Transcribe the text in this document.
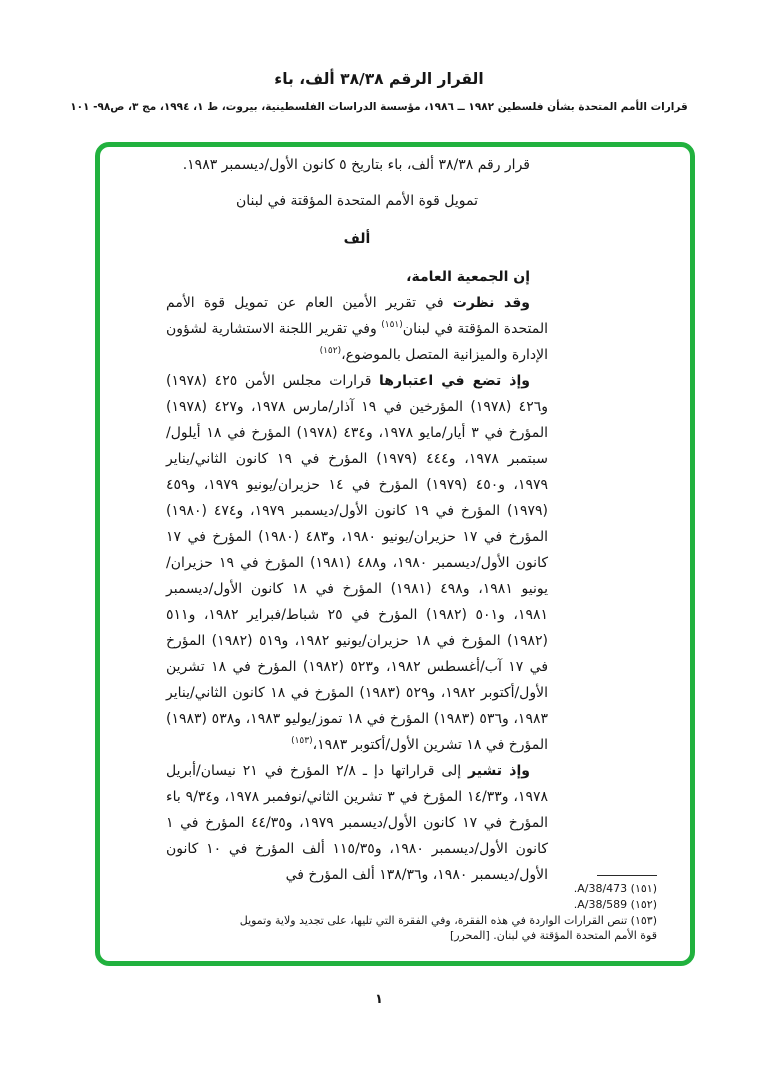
القرار الرقم ٣٨/٣٨ ألف، باء
قرارات الأمم المتحدة بشأن فلسطين ١٩٨٢ ــ ١٩٨٦، مؤسسة الدراسات الفلسطينية، بيروت، ط ١، ١٩٩٤، مج ٣، ص٩٨- ١٠١

قرار رقم ٣٨/٣٨ ألف، باء بتاريخ ٥ كانون الأول/ديسمبر ١٩٨٣.

تمويل قوة الأمم المتحدة المؤقتة في لبنان

ألف

إن الجمعية العامة،

وقد نظرت في تقرير الأمين العام عن تمويل قوة الأمم المتحدة المؤقتة في لبنان$^{(١٥١)}$ وفي تقرير اللجنة الاستشارية لشؤون الإدارة والميزانية المتصل بالموضوع،$^{(١٥٢)}$

وإذ تضع في اعتبارها قرارات مجلس الأمن ٤٢٥ (١٩٧٨) و٤٢٦ (١٩٧٨) المؤرخين في ١٩ آذار/مارس ١٩٧٨، و٤٢٧ (١٩٧٨) المؤرخ في ٣ أيار/مايو ١٩٧٨، و٤٣٤ (١٩٧٨) المؤرخ في ١٨ أيلول/سبتمبر ١٩٧٨، و٤٤٤ (١٩٧٩) المؤرخ في ١٩ كانون الثاني/يناير ١٩٧٩، و٤٥٠ (١٩٧٩) المؤرخ في ١٤ حزيران/يونيو ١٩٧٩، و٤٥٩ (١٩٧٩) المؤرخ في ١٩ كانون الأول/ديسمبر ١٩٧٩، و٤٧٤ (١٩٨٠) المؤرخ في ١٧ حزيران/يونيو ١٩٨٠، و٤٨٣ (١٩٨٠) المؤرخ في ١٧ كانون الأول/ديسمبر ١٩٨٠، و٤٨٨ (١٩٨١) المؤرخ في ١٩ حزيران/يونيو ١٩٨١، و٤٩٨ (١٩٨١) المؤرخ في ١٨ كانون الأول/ديسمبر ١٩٨١، و٥٠١ (١٩٨٢) المؤرخ في ٢٥ شباط/فبراير ١٩٨٢، و٥١١ (١٩٨٢) المؤرخ في ١٨ حزيران/يونيو ١٩٨٢، و٥١٩ (١٩٨٢) المؤرخ في ١٧ آب/أغسطس ١٩٨٢، و٥٢٣ (١٩٨٢) المؤرخ في ١٨ تشرين الأول/أكتوبر ١٩٨٢، و٥٢٩ (١٩٨٣) المؤرخ في ١٨ كانون الثاني/يناير ١٩٨٣، و٥٣٦ (١٩٨٣) المؤرخ في ١٨ تموز/يوليو ١٩٨٣، و٥٣٨ (١٩٨٣) المؤرخ في ١٨ تشرين الأول/أكتوبر ١٩٨٣،$^{(١٥٣)}$

وإذ تشير إلى قراراتها دإ ـ ٢/٨ المؤرخ في ٢١ نيسان/أبريل ١٩٧٨، و١٤/٣٣ المؤرخ في ٣ تشرين الثاني/نوفمبر ١٩٧٨، و٩/٣٤ باء المؤرخ في ١٧ كانون الأول/ديسمبر ١٩٧٩، و٤٤/٣٥ المؤرخ في ١ كانون الأول/ديسمبر ١٩٨٠، و١١٥/٣٥ ألف المؤرخ في ١٠ كانون الأول/ديسمبر ١٩٨٠، و١٣٨/٣٦ ألف المؤرخ في

(١٥١) A/38/473.
(١٥٢) A/38/589.
(١٥٣) تنص القرارات الواردة في هذه الفقرة، وفي الفقرة التي تليها، على تجديد ولاية وتمويل قوة الأمم المتحدة المؤقتة في لبنان. [المحرر]
١
